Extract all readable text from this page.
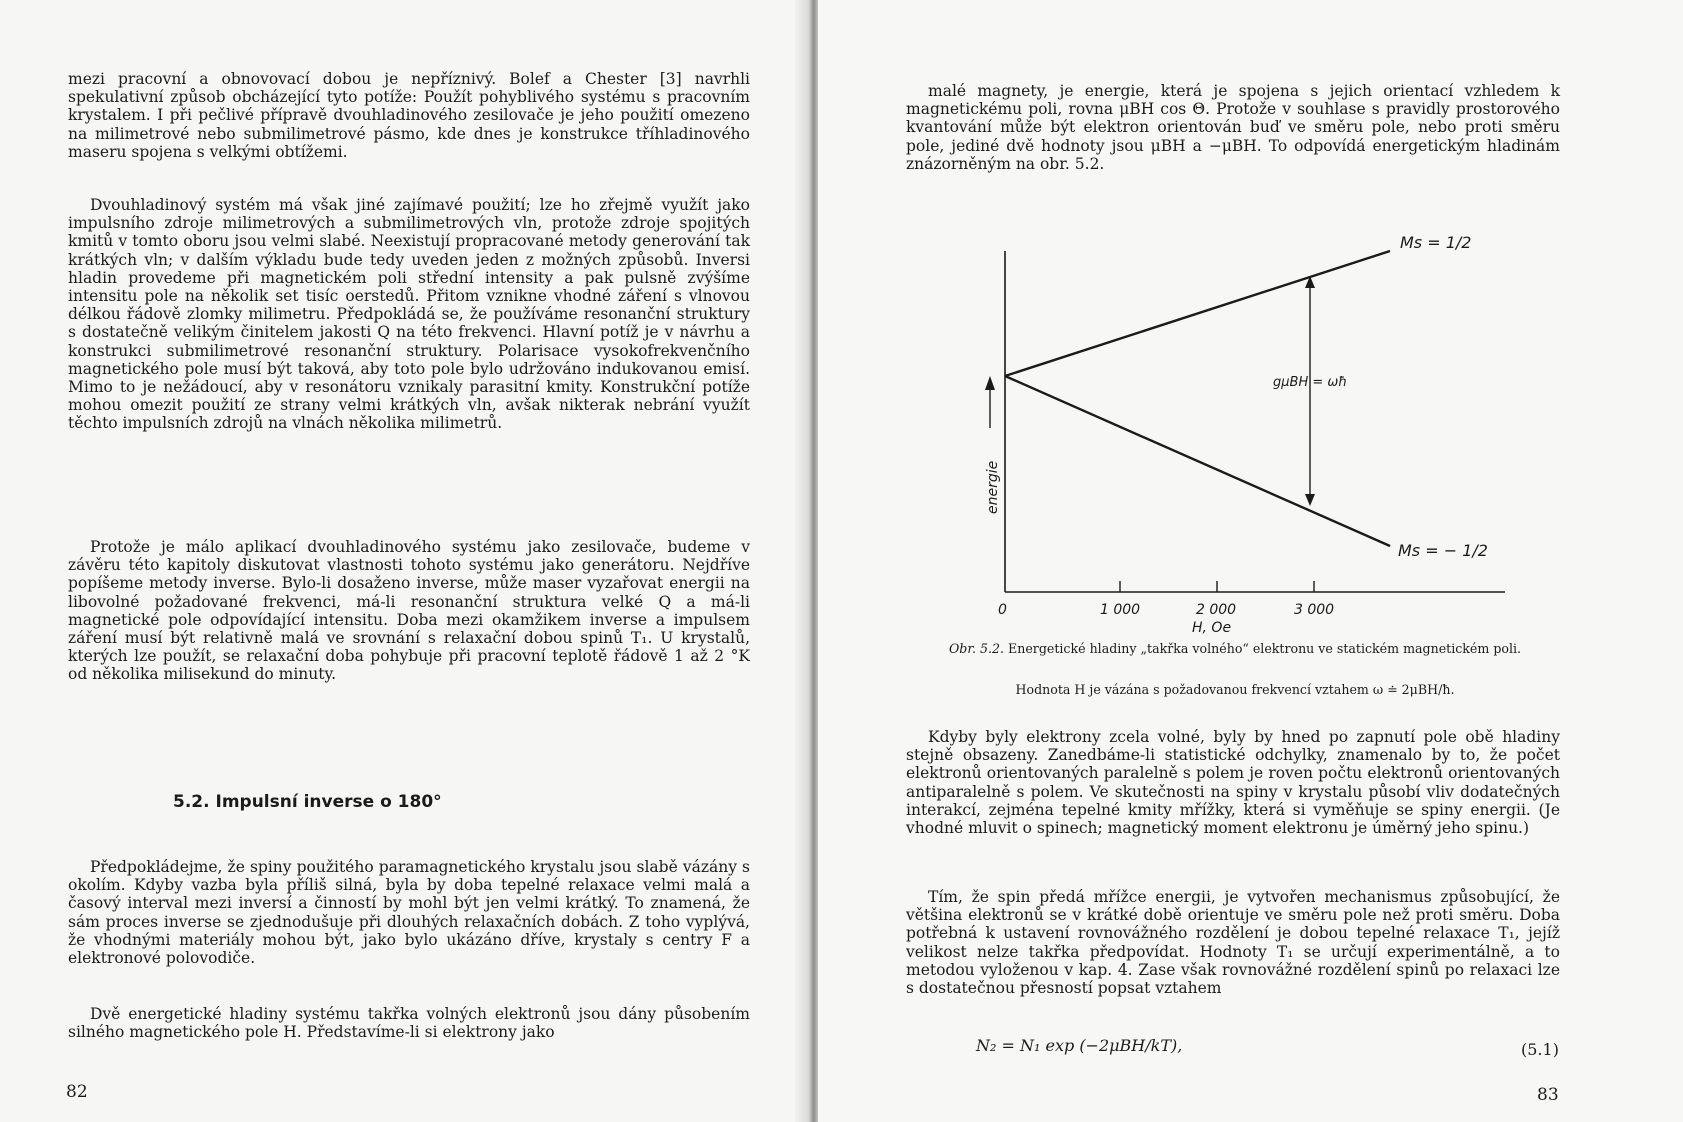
mezi pracovní a obnovovací dobou je nepříznivý. Bolef a Chester [3] navrhli spekulativní způsob obcházející tyto potíže: Použít pohyblivého systému s pracovním krystalem. I při pečlivé přípravě dvouhladinového zesilovače je jeho použití omezeno na milimetrové nebo submilimetrové pásmo, kde dnes je konstrukce tříhladinového maseru spojena s velkými obtížemi.

Dvouhladinový systém má však jiné zajímavé použití; lze ho zřejmě využít jako impulsního zdroje milimetrových a submilimetrových vln, protože zdroje spojitých kmitů v tomto oboru jsou velmi slabé. Neexistují propracované metody generování tak krátkých vln; v dalším výkladu bude tedy uveden jeden z možných způsobů. Inversi hladin provedeme při magnetickém poli střední intensity a pak pulsně zvýšíme intensitu pole na několik set tisíc oerstedů. Přitom vznikne vhodné záření s vlnovou délkou řádově zlomky milimetru. Předpokládá se, že používáme resonanční struktury s dostatečně velikým činitelem jakosti Q na této frekvenci. Hlavní potíž je v návrhu a konstrukci submilimetrové resonanční struktury. Polarisace vysokofrekvenčního magnetického pole musí být taková, aby toto pole bylo udržováno indukovanou emisí. Mimo to je nežádoucí, aby v resonátoru vznikaly parasitní kmity. Konstrukční potíže mohou omezit použití ze strany velmi krátkých vln, avšak nikterak nebrání využít těchto impulsních zdrojů na vlnách několika milimetrů.

Protože je málo aplikací dvouhladinového systému jako zesilovače, budeme v závěru této kapitoly diskutovat vlastnosti tohoto systému jako generátoru. Nejdříve popíšeme metody inverse. Bylo-li dosaženo inverse, může maser vyzařovat energii na libovolné požadované frekvenci, má-li resonanční struktura velké Q a má-li magnetické pole odpovídající intensitu. Doba mezi okamžikem inverse a impulsem záření musí být relativně malá ve srovnání s relaxační dobou spinů T₁. U krystalů, kterých lze použít, se relaxační doba pohybuje při pracovní teplotě řádově 1 až 2 °K od několika milisekund do minuty.

5.2. Impulsní inverse o 180°

Předpokládejme, že spiny použitého paramagnetického krystalu jsou slabě vázány s okolím. Kdyby vazba byla příliš silná, byla by doba tepelné relaxace velmi malá a časový interval mezi inversí a činností by mohl být jen velmi krátký. To znamená, že sám proces inverse se zjednodušuje při dlouhých relaxačních dobách. Z toho vyplývá, že vhodnými materiály mohou být, jako bylo ukázáno dříve, krystaly s centry F a elektronové polovodiče.

Dvě energetické hladiny systému takřka volných elektronů jsou dány působením silného magnetického pole H. Představíme-li si elektrony jako

82

malé magnety, je energie, která je spojena s jejich orientací vzhledem k magnetickému poli, rovna μBH cos Θ. Protože v souhlase s pravidly prostorového kvantování může být elektron orientován buď ve směru pole, nebo proti směru pole, jediné dvě hodnoty jsou μBH a −μBH. To odpovídá energetickým hladinám znázorněným na obr. 5.2.

Ms = 1/2
Ms = − 1/2
gμBH = ωħ
energie
0	1 000	2 000	3 000
H, Oe
Obr. 5.2. Energetické hladiny „takřka volného“ elektronu ve statickém magnetickém poli.
Hodnota H je vázána s požadovanou frekvencí vztahem ω ≐ 2μBH/ħ.

Kdyby byly elektrony zcela volné, byly by hned po zapnutí pole obě hladiny stejně obsazeny. Zanedbáme-li statistické odchylky, znamenalo by to, že počet elektronů orientovaných paralelně s polem je roven počtu elektronů orientovaných antiparalelně s polem. Ve skutečnosti na spiny v krystalu působí vliv dodatečných interakcí, zejména tepelné kmity mřížky, která si vyměňuje se spiny energii. (Je vhodné mluvit o spinech; magnetický moment elektronu je úměrný jeho spinu.)

Tím, že spin předá mřížce energii, je vytvořen mechanismus způsobující, že většina elektronů se v krátké době orientuje ve směru pole než proti směru. Doba potřebná k ustavení rovnovážného rozdělení je dobou tepelné relaxace T₁, jejíž velikost nelze takřka předpovídat. Hodnoty T₁ se určují experimentálně, a to metodou vyloženou v kap. 4. Zase však rovnovážné rozdělení spinů po relaxaci lze s dostatečnou přesností popsat vztahem

N₂ = N₁ exp (−2μBH/kT),	(5.1)
83
